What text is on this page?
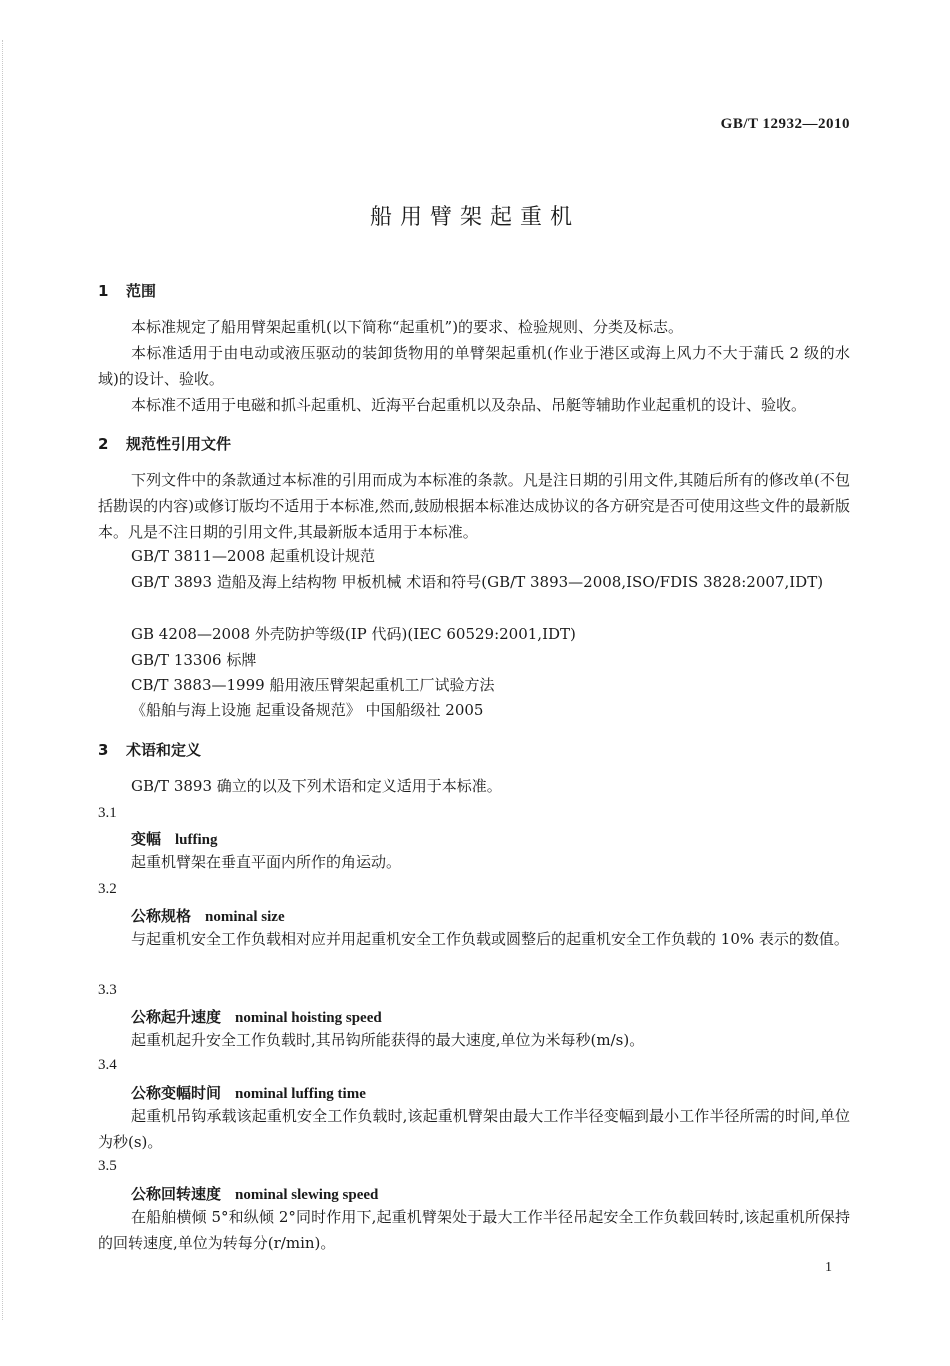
GB/T 12932—2010
船用臂架起重机
1 范围

本标准规定了船用臂架起重机(以下简称“起重机”)的要求、检验规则、分类及标志。

本标准适用于由电动或液压驱动的装卸货物用的单臂架起重机(作业于港区或海上风力不大于蒲氏 2 级的水域)的设计、验收。

本标准不适用于电磁和抓斗起重机、近海平台起重机以及杂品、吊艇等辅助作业起重机的设计、验收。

2 规范性引用文件

下列文件中的条款通过本标准的引用而成为本标准的条款。凡是注日期的引用文件,其随后所有的修改单(不包括勘误的内容)或修订版均不适用于本标准,然而,鼓励根据本标准达成协议的各方研究是否可使用这些文件的最新版本。凡是不注日期的引用文件,其最新版本适用于本标准。

GB/T 3811—2008 起重机设计规范

GB/T 3893 造船及海上结构物 甲板机械 术语和符号(GB/T 3893—2008,ISO/FDIS 3828:2007,IDT)

GB 4208—2008 外壳防护等级(IP 代码)(IEC 60529:2001,IDT)
GB/T 13306 标牌
CB/T 3883—1999 船用液压臂架起重机工厂试验方法
《船舶与海上设施 起重设备规范》 中国船级社 2005
3 术语和定义

GB/T 3893 确立的以及下列术语和定义适用于本标准。

3.1
变幅 luffing

起重机臂架在垂直平面内所作的角运动。

3.2
公称规格 nominal size

与起重机安全工作负载相对应并用起重机安全工作负载或圆整后的起重机安全工作负载的 10% 表示的数值。

3.3
公称起升速度 nominal hoisting speed

起重机起升安全工作负载时,其吊钩所能获得的最大速度,单位为米每秒(m/s)。

3.4
公称变幅时间 nominal luffing time

起重机吊钩承载该起重机安全工作负载时,该起重机臂架由最大工作半径变幅到最小工作半径所需的时间,单位为秒(s)。

3.5
公称回转速度 nominal slewing speed

在船舶横倾 5°和纵倾 2°同时作用下,起重机臂架处于最大工作半径吊起安全工作负载回转时,该起重机所保持的回转速度,单位为转每分(r/min)。

1
